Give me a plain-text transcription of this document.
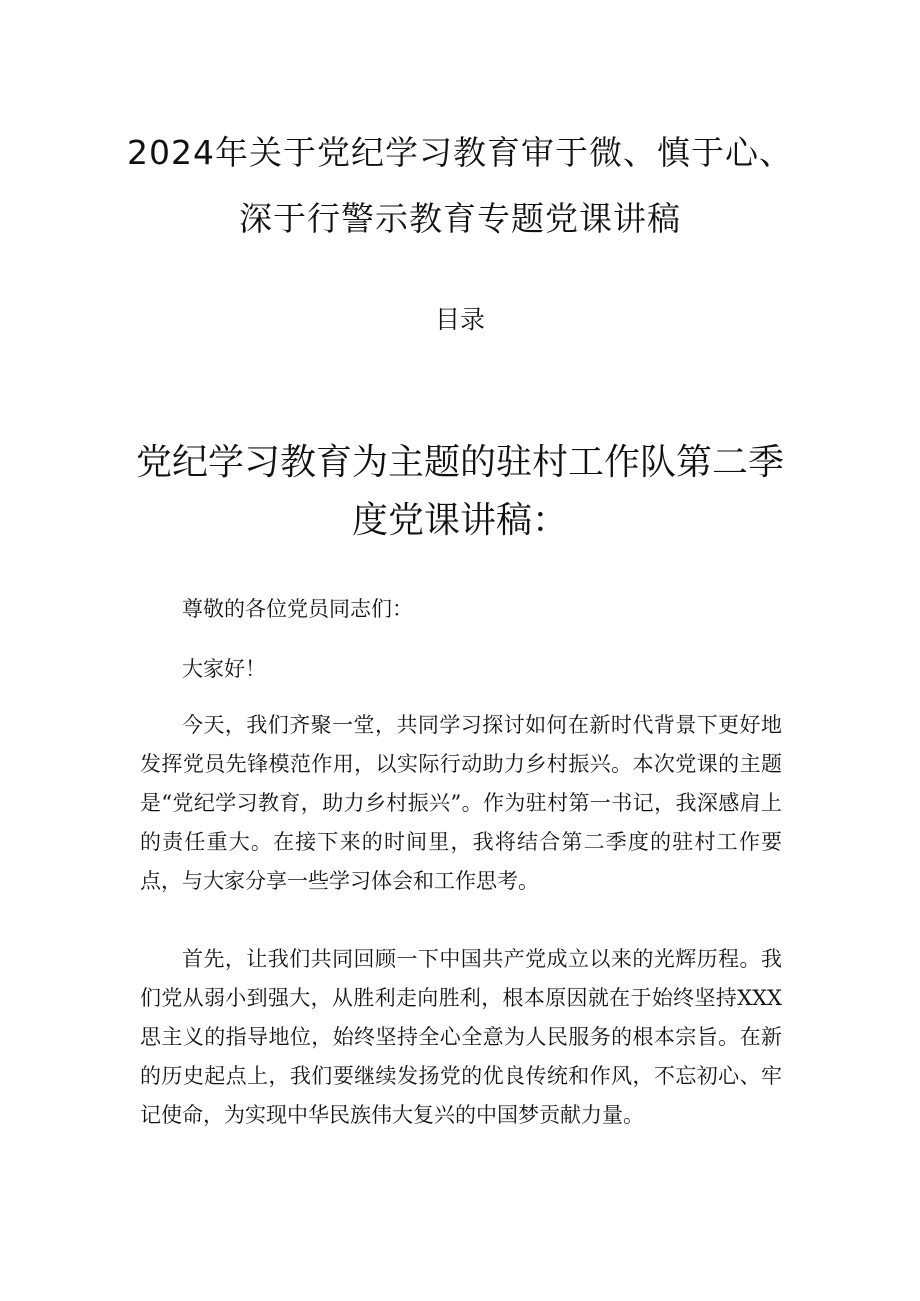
2024年关于党纪学习教育审于微、慎于心、深于行警示教育专题党课讲稿
目录
党纪学习教育为主题的驻村工作队第二季度党课讲稿：

尊敬的各位党员同志们：

大家好！

今天，我们齐聚一堂，共同学习探讨如何在新时代背景下更好地发挥党员先锋模范作用，以实际行动助力乡村振兴。本次党课的主题是“党纪学习教育，助力乡村振兴”。作为驻村第一书记，我深感肩上的责任重大。在接下来的时间里，我将结合第二季度的驻村工作要点，与大家分享一些学习体会和工作思考。

首先，让我们共同回顾一下中国共产党成立以来的光辉历程。我们党从弱小到强大，从胜利走向胜利，根本原因就在于始终坚持XXX思主义的指导地位，始终坚持全心全意为人民服务的根本宗旨。在新的历史起点上，我们要继续发扬党的优良传统和作风，不忘初心、牢记使命，为实现中华民族伟大复兴的中国梦贡献力量。
